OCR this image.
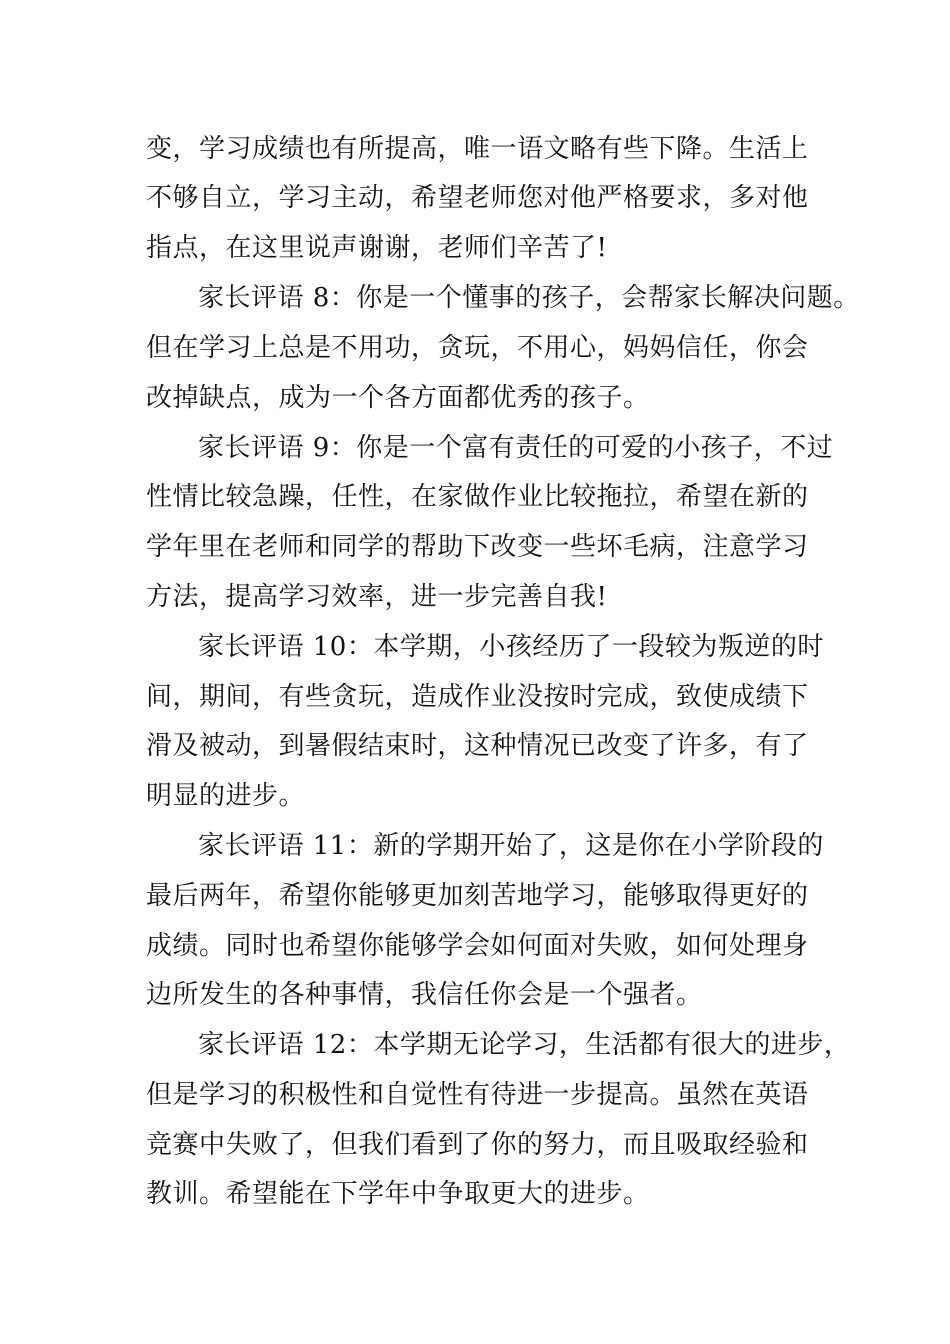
变，学习成绩也有所提高，唯一语文略有些下降。生活上
不够自立，学习主动，希望老师您对他严格要求，多对他
指点，在这里说声谢谢，老师们辛苦了!
家长评语 8：你是一个懂事的孩子，会帮家长解决问题。
但在学习上总是不用功，贪玩，不用心，妈妈信任，你会
改掉缺点，成为一个各方面都优秀的孩子。
家长评语 9：你是一个富有责任的可爱的小孩子，不过
性情比较急躁，任性，在家做作业比较拖拉，希望在新的
学年里在老师和同学的帮助下改变一些坏毛病，注意学习
方法，提高学习效率，进一步完善自我!
家长评语 10：本学期，小孩经历了一段较为叛逆的时
间，期间，有些贪玩，造成作业没按时完成，致使成绩下
滑及被动，到暑假结束时，这种情况已改变了许多，有了
明显的进步。
家长评语 11：新的学期开始了，这是你在小学阶段的
最后两年，希望你能够更加刻苦地学习，能够取得更好的
成绩。同时也希望你能够学会如何面对失败，如何处理身
边所发生的各种事情，我信任你会是一个强者。
家长评语 12：本学期无论学习，生活都有很大的进步，
但是学习的积极性和自觉性有待进一步提高。虽然在英语
竞赛中失败了，但我们看到了你的努力，而且吸取经验和
教训。希望能在下学年中争取更大的进步。
